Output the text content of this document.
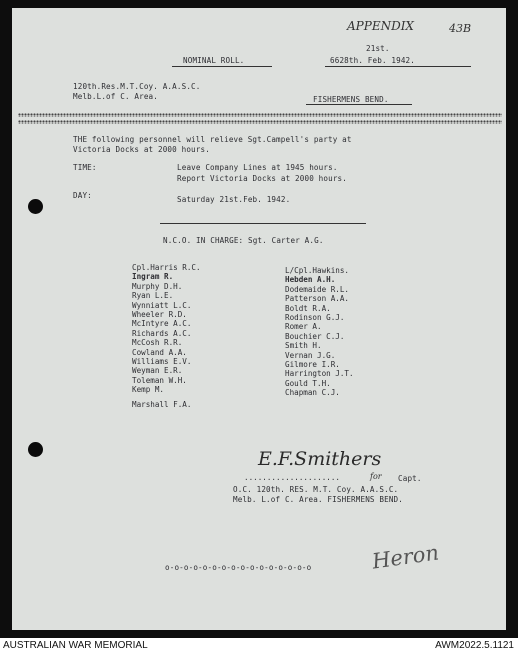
APPENDIX	43B
NOMINAL ROLL.
21st.
6628th. Feb. 1942.
120th.Res.M.T.Coy. A.A.S.C.
Melb.L.of C. Area.	FISHERMENS BEND.
THE following personnel will relieve Sgt.Campell's party at
Victoria Docks at 2000 hours.
TIME:	Leave Company Lines at 1945 hours.
Report Victoria Docks at 2000 hours.
DAY:	Saturday 21st.Feb. 1942.
N.C.O. IN CHARGE: Sgt. Carter A.G.
Cpl.Harris R.C.
Ingram R.
Murphy D.H.
Ryan L.E.
Wynniatt L.C.
Wheeler R.D.
McIntyre A.C.
Richards A.C.
McCosh R.R.
Cowland A.A.
Williams E.V.
Weyman E.R.
Toleman W.H.
Kemp M.
Marshall F.A.
L/Cpl.Hawkins.
Hebden A.H.
Dodemaide R.L.
Patterson A.A.
Boldt R.A.
Rodinson G.J.
Romer A.
Bouchier C.J.
Smith H.
Vernan J.G.
Gilmore I.R.
Harrington J.T.
Gould T.H.
Chapman C.J.
E.F.Smithers
for
.....................	Capt.
O.C. 120th. RES. M.T. Coy. A.A.S.C.
Melb. L.of C. Area. FISHERMENS BEND.
Heron
o-o-o-o-o-o-o-o-o-o-o-o-o-o-o-o
AUSTRALIAN WAR MEMORIAL	AWM2022.5.1121
